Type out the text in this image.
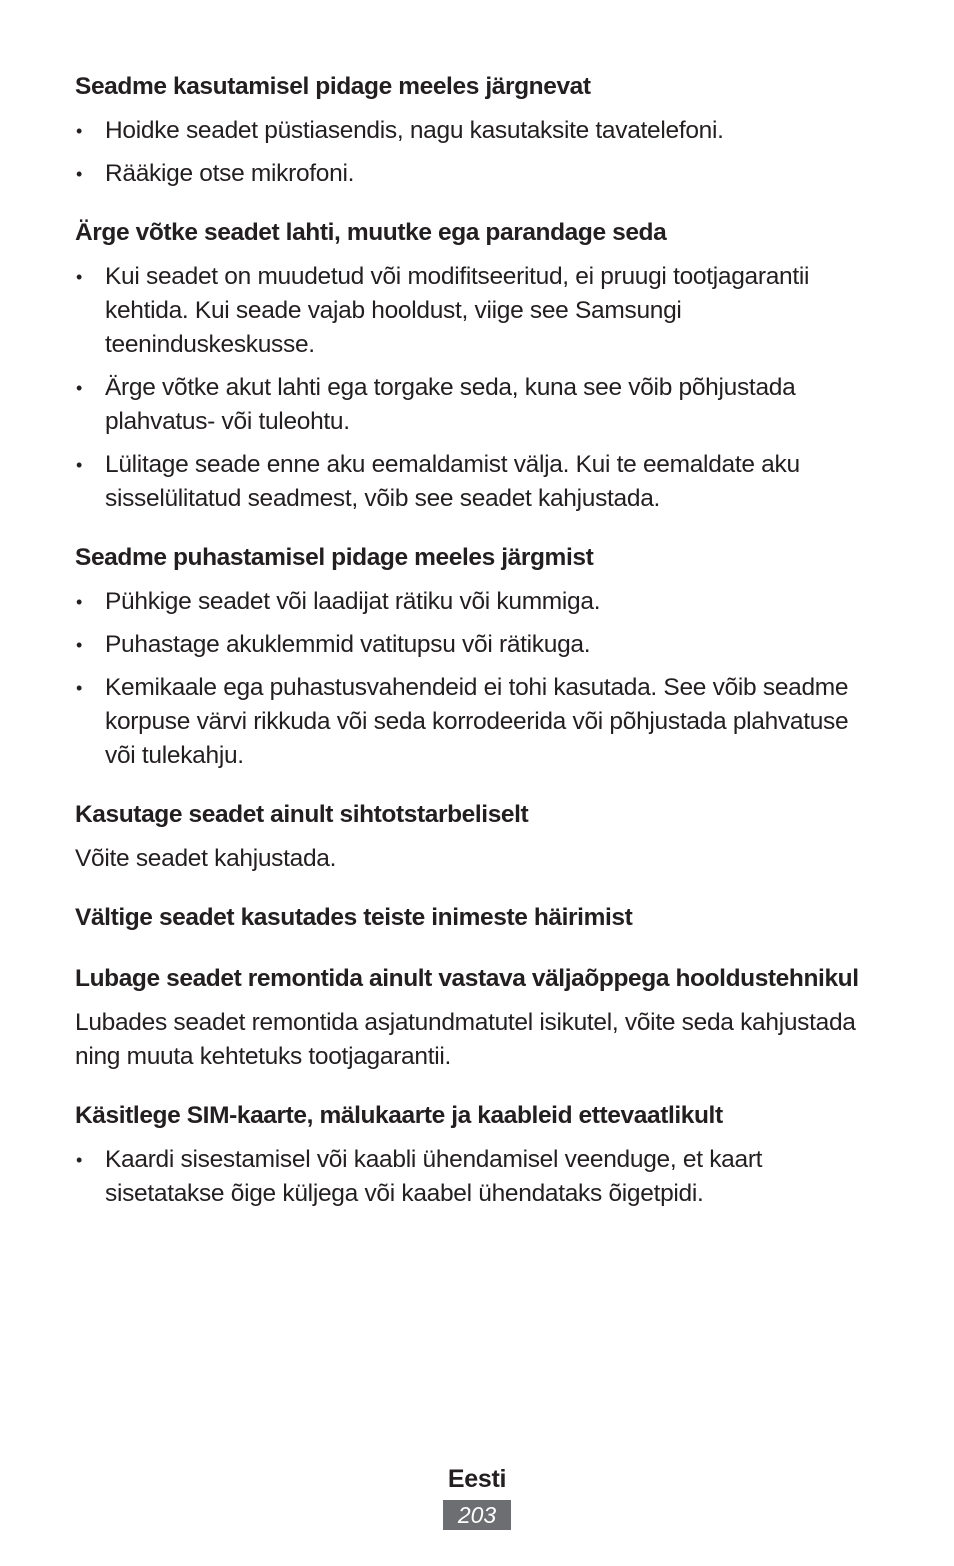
Seadme kasutamisel pidage meeles järgnevat
• Hoidke seadet püstiasendis, nagu kasutaksite tavatelefoni.
• Rääkige otse mikrofoni.
Ärge võtke seadet lahti, muutke ega parandage seda
• Kui seadet on muudetud või modifitseeritud, ei pruugi tootjagarantii kehtida. Kui seade vajab hooldust, viige see Samsungi teeninduskeskusse.
• Ärge võtke akut lahti ega torgake seda, kuna see võib põhjustada plahvatus- või tuleohtu.
• Lülitage seade enne aku eemaldamist välja. Kui te eemaldate aku sisselülitatud seadmest, võib see seadet kahjustada.
Seadme puhastamisel pidage meeles järgmist
• Pühkige seadet või laadijat rätiku või kummiga.
• Puhastage akuklemmid vatitupsu või rätikuga.
• Kemikaale ega puhastusvahendeid ei tohi kasutada. See võib seadme korpuse värvi rikkuda või seda korrodeerida või põhjustada plahvatuse või tulekahju.
Kasutage seadet ainult sihtotstarbeliselt

Võite seadet kahjustada.

Vältige seadet kasutades teiste inimeste häirimist
Lubage seadet remontida ainult vastava väljaõppega hooldustehnikul

Lubades seadet remontida asjatundmatutel isikutel, võite seda kahjustada ning muuta kehtetuks tootjagarantii.

Käsitlege SIM-kaarte, mälukaarte ja kaableid ettevaatlikult
• Kaardi sisestamisel või kaabli ühendamisel veenduge, et kaart sisetatakse õige küljega või kaabel ühendataks õigetpidi.
Eesti
203
